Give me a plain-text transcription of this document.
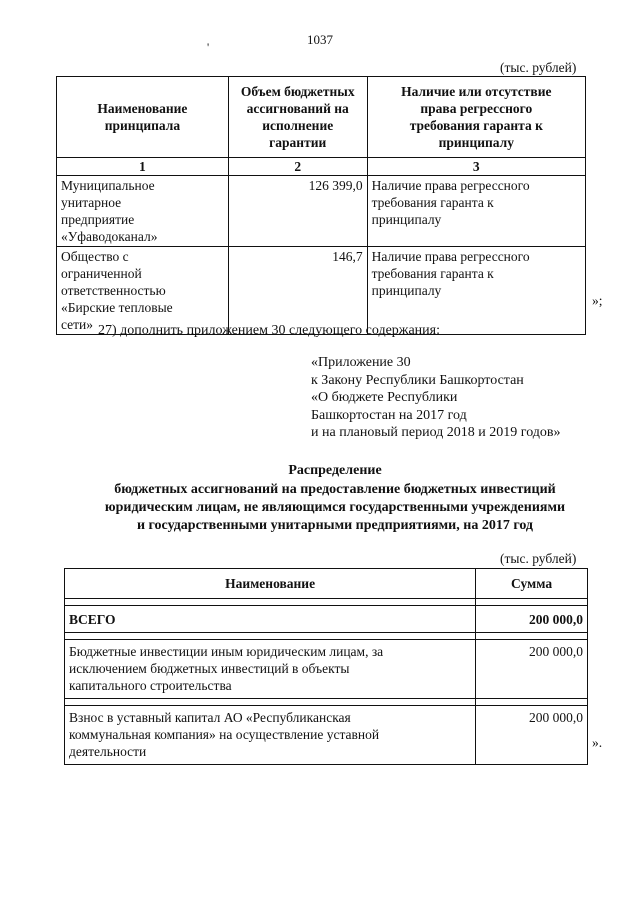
1037
'
(тыс. рублей)
Наименование принципала	Объем бюджетных ассигнований на исполнение гарантии	Наличие или отсутствие права регрессного требования гаранта к принципалу
1	2	3
Муниципальное унитарное предприятие «Уфаводоканал»	126 399,0	Наличие права регрессного требования гаранта к принципалу
Общество с ограниченной ответственностью «Бирские тепловые сети»	146,7	Наличие права регрессного требования гаранта к принципалу
»;
27) дополнить приложением 30 следующего содержания:
«Приложение 30
к Закону Республики Башкортостан
«О бюджете Республики
Башкортостан на 2017 год
и на плановый период 2018 и 2019 годов»
Распределение
бюджетных ассигнований на предоставление бюджетных инвестиций
юридическим лицам, не являющимся государственными учреждениями
и государственными унитарными предприятиями, на 2017 год
(тыс. рублей)
Наименование	Сумма

ВСЕГО	200 000,0

Бюджетные инвестиции иным юридическим лицам, за исключением бюджетных инвестиций в объекты капитального строительства	200 000,0

Взнос в уставный капитал АО «Республиканская коммунальная компания» на осуществление уставной деятельности	200 000,0
».
